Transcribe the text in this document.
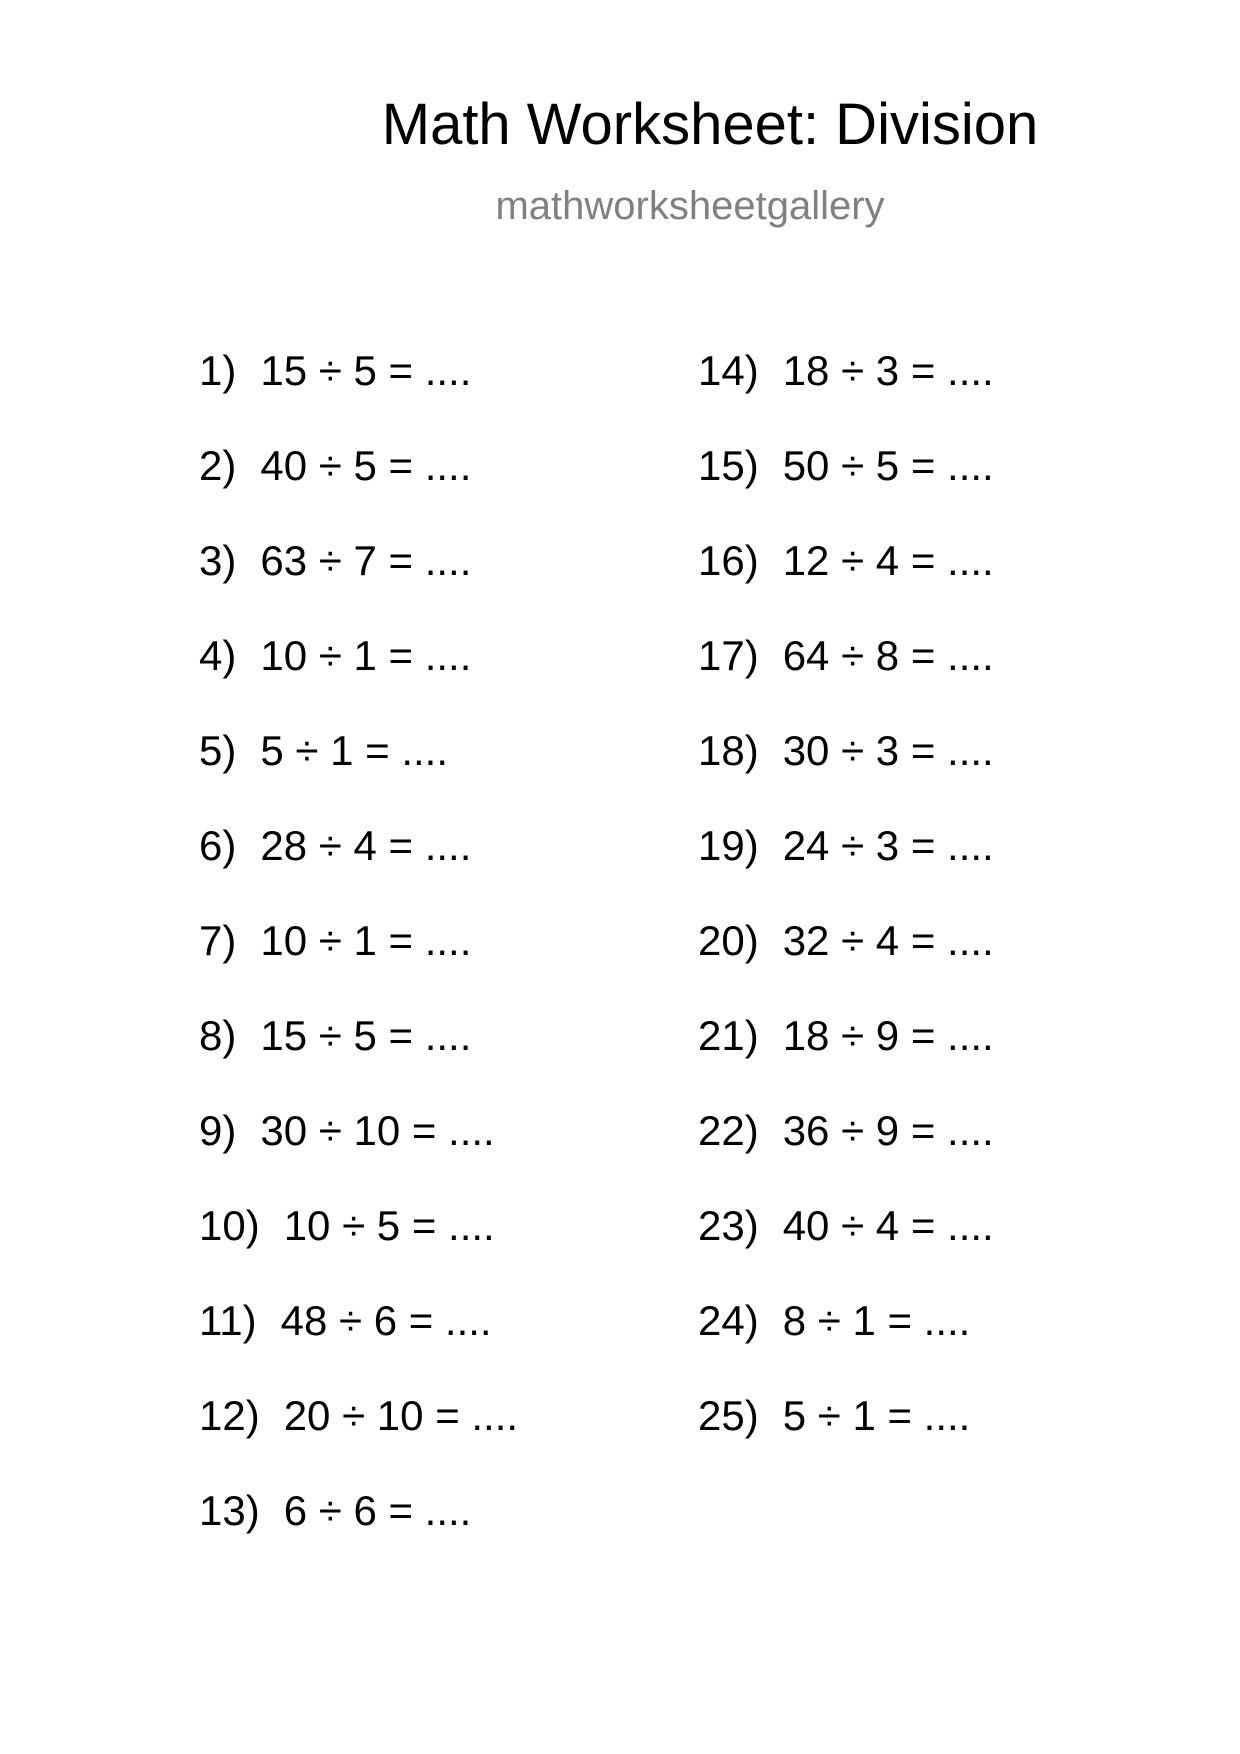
Math Worksheet: Division
mathworksheetgallery
1) 15 ÷ 5 = ....
2) 40 ÷ 5 = ....
3) 63 ÷ 7 = ....
4) 10 ÷ 1 = ....
5) 5 ÷ 1 = ....
6) 28 ÷ 4 = ....
7) 10 ÷ 1 = ....
8) 15 ÷ 5 = ....
9) 30 ÷ 10 = ....
10) 10 ÷ 5 = ....
11) 48 ÷ 6 = ....
12) 20 ÷ 10 = ....
13) 6 ÷ 6 = ....
14) 18 ÷ 3 = ....
15) 50 ÷ 5 = ....
16) 12 ÷ 4 = ....
17) 64 ÷ 8 = ....
18) 30 ÷ 3 = ....
19) 24 ÷ 3 = ....
20) 32 ÷ 4 = ....
21) 18 ÷ 9 = ....
22) 36 ÷ 9 = ....
23) 40 ÷ 4 = ....
24) 8 ÷ 1 = ....
25) 5 ÷ 1 = ....
